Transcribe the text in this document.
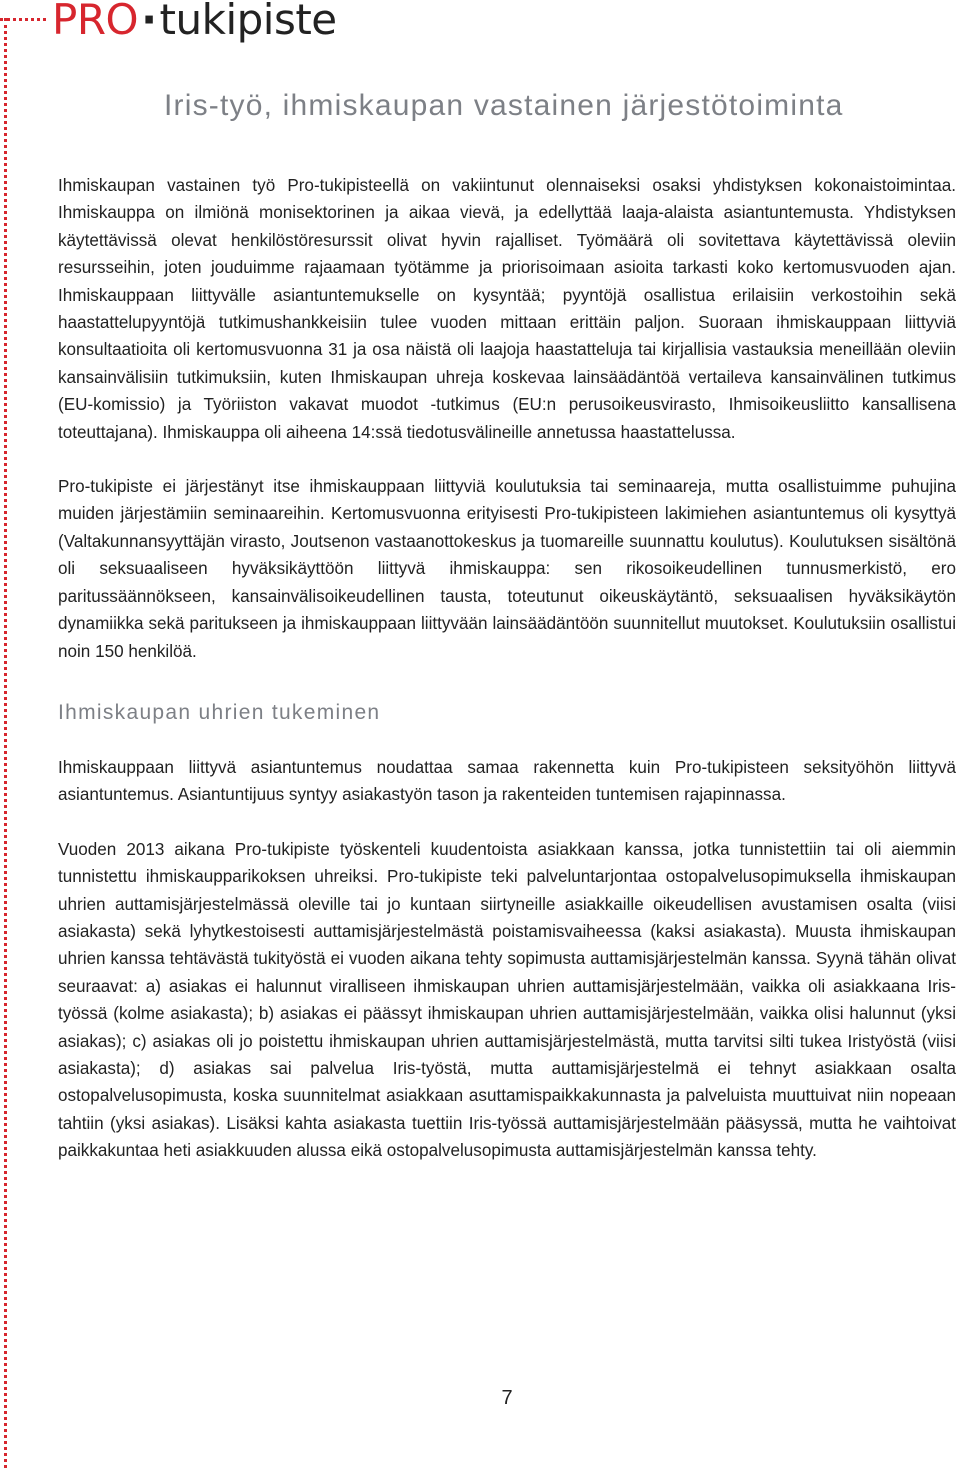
PRO·tukipiste
Iris-työ, ihmiskaupan vastainen järjestötoiminta

Ihmiskaupan vastainen työ Pro-tukipisteellä on vakiintunut olennaiseksi osaksi yhdistyksen kokonaistoimintaa. Ihmiskauppa on ilmiönä monisektorinen ja aikaa vievä, ja edellyttää laaja-alaista asiantuntemusta. Yhdistyksen käytettävissä olevat henkilöstöresurssit olivat hyvin rajalliset. Työmäärä oli sovitettava käytettävissä oleviin resursseihin, joten jouduimme rajaamaan työtämme ja priorisoimaan asioita tarkasti koko kertomusvuoden ajan. Ihmiskauppaan liittyvälle asiantuntemukselle on kysyntää; pyyntöjä osallistua erilaisiin verkostoihin sekä haastattelupyyntöjä tutkimushankkeisiin tulee vuoden mittaan erittäin paljon. Suoraan ihmiskauppaan liittyviä konsultaatioita oli kertomusvuonna 31 ja osa näistä oli laajoja haastatteluja tai kirjallisia vastauksia meneillään oleviin kansainvälisiin tutkimuksiin, kuten Ihmiskaupan uhreja koskevaa lainsäädäntöä vertaileva kansainvälinen tutkimus (EU-komissio) ja Työriiston vakavat muodot -tutkimus (EU:n perusoikeusvirasto, Ihmisoikeusliitto kansallisena toteuttajana). Ihmiskauppa oli aiheena 14:ssä tiedotusvälineille annetussa haastattelussa.

Pro-tukipiste ei järjestänyt itse ihmiskauppaan liittyviä koulutuksia tai seminaareja, mutta osallistuimme puhujina muiden järjestämiin seminaareihin. Kertomusvuonna erityisesti Pro-tukipisteen lakimiehen asiantuntemus oli kysyttyä (Valtakunnansyyttäjän virasto, Joutsenon vastaanottokeskus ja tuomareille suunnattu koulutus). Koulutuksen sisältönä oli seksuaaliseen hyväksikäyttöön liittyvä ihmiskauppa: sen rikosoikeudellinen tunnusmerkistö, ero paritussäännökseen, kansainvälisoikeudellinen tausta, toteutunut oikeuskäytäntö, seksuaalisen hyväksikäytön dynamiikka sekä paritukseen ja ihmiskauppaan liittyvään lainsäädäntöön suunnitellut muutokset. Koulutuksiin osallistui noin 150 henkilöä.

Ihmiskaupan uhrien tukeminen

Ihmiskauppaan liittyvä asiantuntemus noudattaa samaa rakennetta kuin Pro-tukipisteen seksityöhön liittyvä asiantuntemus. Asiantuntijuus syntyy asiakastyön tason ja rakenteiden tuntemisen rajapinnassa.

Vuoden 2013 aikana Pro-tukipiste työskenteli kuudentoista asiakkaan kanssa, jotka tunnistettiin tai oli aiemmin tunnistettu ihmiskaupparikoksen uhreiksi. Pro-tukipiste teki palveluntarjontaa ostopalvelusopimuksella ihmiskaupan uhrien auttamisjärjestelmässä oleville tai jo kuntaan siirtyneille asiakkaille oikeudellisen avustamisen osalta (viisi asiakasta) sekä lyhytkestoisesti auttamisjärjestelmästä poistamisvaiheessa (kaksi asiakasta). Muusta ihmiskaupan uhrien kanssa tehtävästä tukityöstä ei vuoden aikana tehty sopimusta auttamisjärjestelmän kanssa. Syynä tähän olivat seuraavat: a) asiakas ei halunnut viralliseen ihmiskaupan uhrien auttamisjärjestelmään, vaikka oli asiakkaana Iris-työssä (kolme asiakasta); b) asiakas ei päässyt ihmiskaupan uhrien auttamisjärjestelmään, vaikka olisi halunnut (yksi asiakas); c) asiakas oli jo poistettu ihmiskaupan uhrien auttamisjärjestelmästä, mutta tarvitsi silti tukea Iristyöstä (viisi asiakasta); d) asiakas sai palvelua Iris-työstä, mutta auttamisjärjestelmä ei tehnyt asiakkaan osalta ostopalvelusopimusta, koska suunnitelmat asiakkaan asuttamispaikkakunnasta ja palveluista muuttuivat niin nopeaan tahtiin (yksi asiakas). Lisäksi kahta asiakasta tuettiin Iris-työssä auttamisjärjestelmään pääsyssä, mutta he vaihtoivat paikkakuntaa heti asiakkuuden alussa eikä ostopalvelusopimusta auttamisjärjestelmän kanssa tehty.

7
